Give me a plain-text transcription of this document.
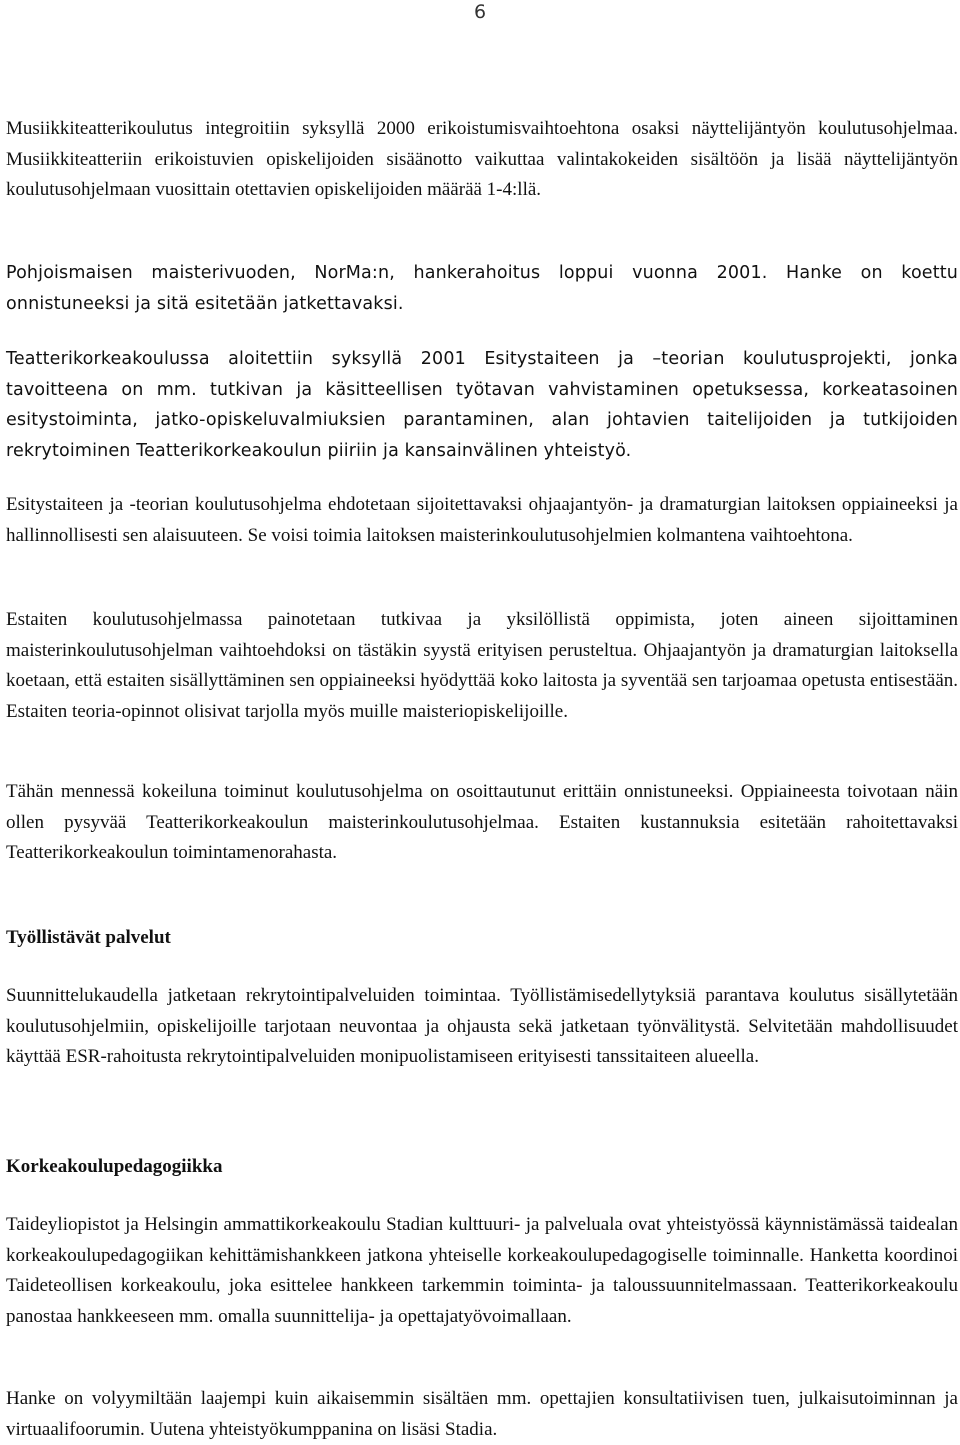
6

Musiikkiteatterikoulutus integroitiin syksyllä 2000 erikoistumisvaihtoehtona osaksi näyttelijäntyön koulutusohjelmaa. Musiikkiteatteriin erikoistuvien opiskelijoiden sisäänotto vaikuttaa valintakokeiden sisältöön ja lisää näyttelijäntyön koulutusohjelmaan vuosittain otettavien opiskelijoiden määrää 1-4:llä.

Pohjoismaisen maisterivuoden, NorMa:n, hankerahoitus loppui vuonna 2001. Hanke on koettu onnistuneeksi ja sitä esitetään jatkettavaksi.

Teatterikorkeakoulussa aloitettiin syksyllä 2001 Esitystaiteen ja –teorian koulutusprojekti, jonka tavoitteena on mm. tutkivan ja käsitteellisen työtavan vahvistaminen opetuksessa, korkeatasoinen esitystoiminta, jatko-opiskeluvalmiuksien parantaminen, alan johtavien taitelijoiden ja tutkijoiden rekrytoiminen Teatterikorkeakoulun piiriin ja kansainvälinen yhteistyö.

Esitystaiteen ja -teorian koulutusohjelma ehdotetaan sijoitettavaksi ohjaajantyön- ja dramaturgian laitoksen oppiaineeksi ja hallinnollisesti sen alaisuuteen. Se voisi toimia laitoksen maisterinkoulutusohjelmien kolmantena vaihtoehtona.

Estaiten koulutusohjelmassa painotetaan tutkivaa ja yksilöllistä oppimista, joten aineen sijoittaminen maisterinkoulutusohjelman vaihtoehdoksi on tästäkin syystä erityisen perusteltua. Ohjaajantyön ja dramaturgian laitoksella koetaan, että estaiten sisällyttäminen sen oppiaineeksi hyödyttää koko laitosta ja syventää sen tarjoamaa opetusta entisestään. Estaiten teoria-opinnot olisivat tarjolla myös muille maisteriopiskelijoille.

Tähän mennessä kokeiluna toiminut koulutusohjelma on osoittautunut erittäin onnistuneeksi. Oppiaineesta toivotaan näin ollen pysyvää Teatterikorkeakoulun maisterinkoulutusohjelmaa. Estaiten kustannuksia esitetään rahoitettavaksi Teatterikorkeakoulun toimintamenorahasta.

Työllistävät palvelut

Suunnittelukaudella jatketaan rekrytointipalveluiden toimintaa. Työllistämisedellytyksiä parantava koulutus sisällytetään koulutusohjelmiin, opiskelijoille tarjotaan neuvontaa ja ohjausta sekä jatketaan työnvälitystä. Selvitetään mahdollisuudet käyttää ESR-rahoitusta rekrytointipalveluiden monipuolistamiseen erityisesti tanssitaiteen alueella.

Korkeakoulupedagogiikka

Taideyliopistot ja Helsingin ammattikorkeakoulu Stadian kulttuuri- ja palveluala ovat yhteistyössä käynnistämässä taidealan korkeakoulupedagogiikan kehittämishankkeen jatkona yhteiselle korkeakoulupedagogiselle toiminnalle. Hanketta koordinoi Taideteollisen korkeakoulu, joka esittelee hankkeen tarkemmin toiminta- ja taloussuunnitelmassaan. Teatterikorkeakoulu panostaa hankkeeseen mm. omalla suunnittelija- ja opettajatyövoimallaan.

Hanke on volyymiltään laajempi kuin aikaisemmin sisältäen mm. opettajien konsultatiivisen tuen, julkaisutoiminnan ja virtuaalifoorumin. Uutena yhteistyökumppanina on lisäsi Stadia.
